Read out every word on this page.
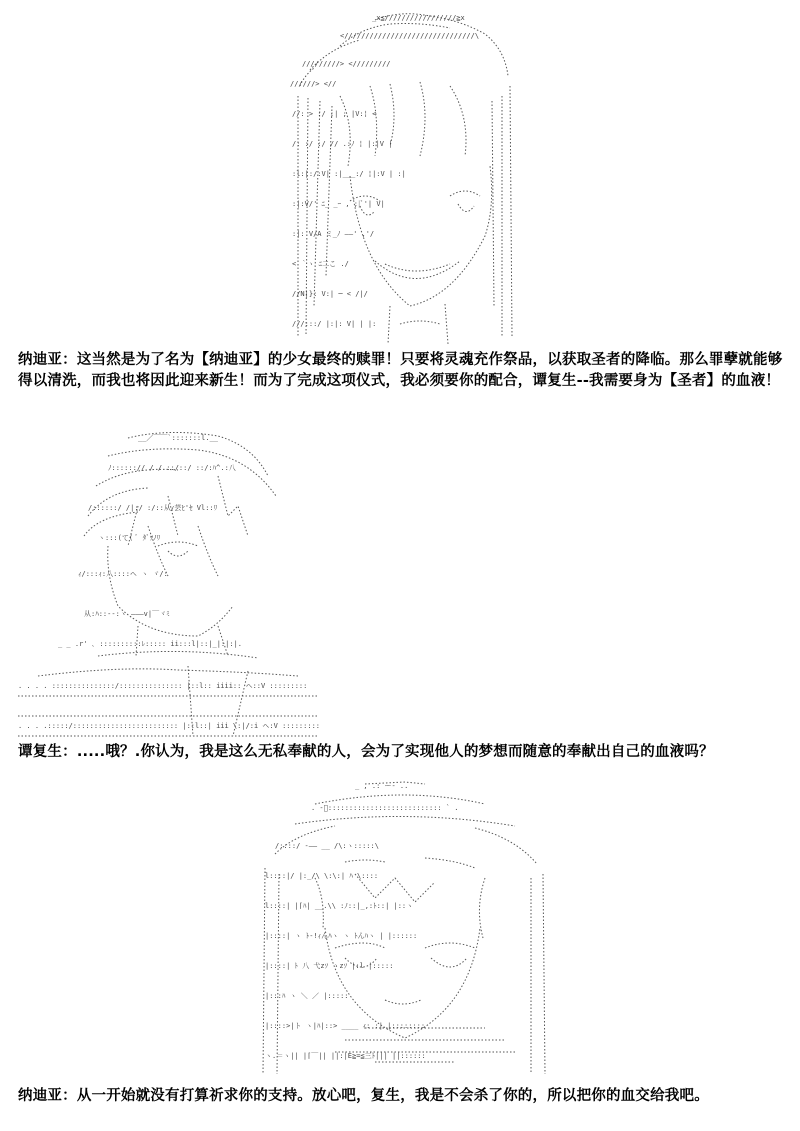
_x≦/////////////////≧x
<///////////////////////////////\
/////////> </////////
//////> <//
//: > :/ ;| ; |V:¦ <
/: :/ :/ // .:ﾉ ¦ |:|V |
:l:|:/:V| :|___:/ ¦|:V | :|
:|:V/' ﾆ_ _ｰ , ;|ﾞ'| V|
:|: V/A ミ_ﾉ ――' ,'/
< ｀ヽ ﾆ二こ ./
//N|}: V:| ─ < /|/
///:::/ |:|: V| | |:
纳迪亚：这当然是为了名为【纳迪亚】的少女最终的赎罪！只要将灵魂充作祭品，以获取圣者的降临。那么罪孽就能够得以清洗，而我也将因此迎来新生！而为了完成这项仪式，我必须要你的配合，谭复生--我需要身为【圣者】的血液！
__／￣￣`:::::::l.__
ﾉ::::::// / / ::/::/ ::/:ﾊ^.:八
/::::::/ /|:/ :/::从ｨ芸ﾋ'ｾ Vl::ﾘ
ヽ:::(て( ﾞ ﾀﾞｿﾉﾘ
ｨ/:::ｨ:八::::ヘ ヽ ヾ/:
从:ﾊ::--:ヽ ―――v|￣ヾﾐ
_ _ .r' ､ ::::::::::ﾚ::::: ii:::l|::|_|:|:|.
. . . . :::::::::::::::/::::::::::::::: |::l:: iiii:: ヘ::V :::::::::
. . . .:::::/::::::::::::::::::::::::: |::l::| iii \:|/:i ヘ:V :::::::::
谭复生：.....哦？.你认为，我是这么无私奉献的人，会为了实现他人的梦想而随意的奉献出自己的血液吗？
_ , .: ー- ..
. -ﾞ::::::::::::::::::::::::::: ` .
/::::/ -―― __ /\:ヽ:::::\
l::::|/ |:_/\ \:\:| ﾊ \::::
l::::| |⌈ﾊ| __.\\ :ﾉ::|_,:ﾄ::| |::ヽ
|::::| ヽ ﾄ-!ｨんﾊヽ ヽ ﾄんﾊヽ | |::::::
|::::| ﾄ 八 弋zｿ ゝzｿ |:l |:::::
|:::ﾊ ヽ ＼ ／ |:::::
|::::>|ト ヽ|ﾊ|::> ____ ｨ: :| |::::::::
ヽ.＝ヽ|| |⌈￣|| ||:|E≧=≦三ﾄ||| ||::::::
纳迪亚：从一开始就没有打算祈求你的支持。放心吧，复生，我是不会杀了你的，所以把你的血交给我吧。
